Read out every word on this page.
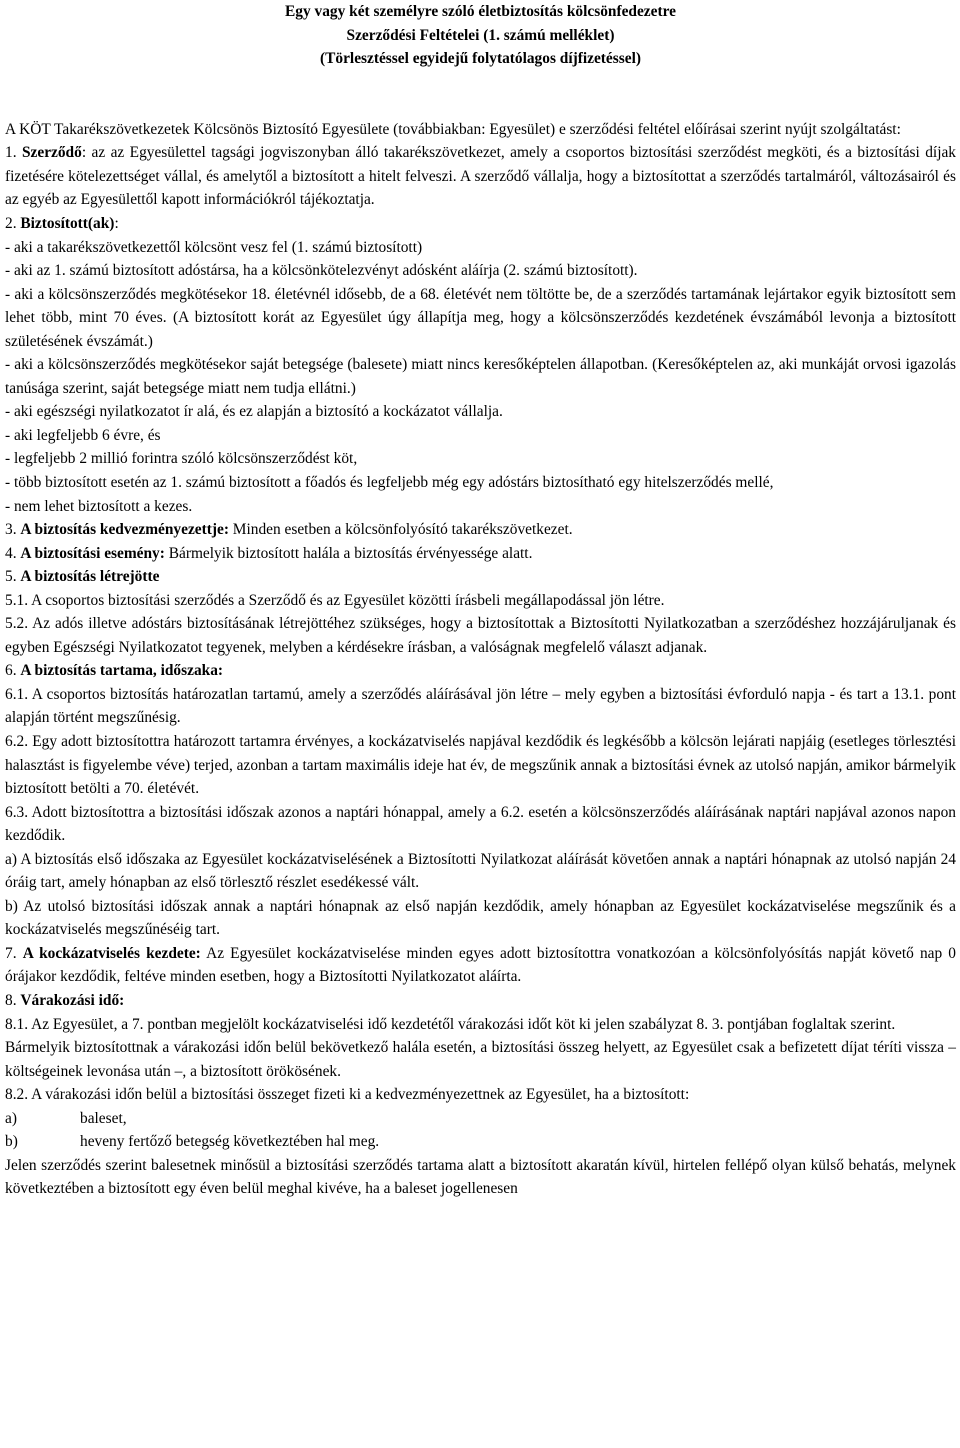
Egy vagy két személyre szóló életbiztosítás kölcsönfedezetre
Szerződési Feltételei (1. számú melléklet)
(Törlesztéssel egyidejű folytatólagos díjfizetéssel)

A KÖT Takarékszövetkezetek Kölcsönös Biztosító Egyesülete (továbbiakban: Egyesület) e szerződési feltétel előírásai szerint nyújt szolgáltatást:

1. Szerződő: az az Egyesülettel tagsági jogviszonyban álló takarékszövetkezet, amely a csoportos biztosítási szerződést megköti, és a biztosítási díjak fizetésére kötelezettséget vállal, és amelytől a biztosított a hitelt felveszi. A szerződő vállalja, hogy a biztosítottat a szerződés tartalmáról, változásairól és az egyéb az Egyesülettől kapott információkról tájékoztatja.

2. Biztosított(ak):

- aki a takarékszövetkezettől kölcsönt vesz fel (1. számú biztosított)

- aki az 1. számú biztosított adóstársa, ha a kölcsönkötelezvényt adósként aláírja (2. számú biztosított).

- aki a kölcsönszerződés megkötésekor 18. életévnél idősebb, de a 68. életévét nem töltötte be, de a szerződés tartamának lejártakor egyik biztosított sem lehet több, mint 70 éves. (A biztosított korát az Egyesület úgy állapítja meg, hogy a kölcsönszerződés kezdetének évszámából levonja a biztosított születésének évszámát.)

- aki a kölcsönszerződés megkötésekor saját betegsége (balesete) miatt nincs keresőképtelen állapotban. (Keresőképtelen az, aki munkáját orvosi igazolás tanúsága szerint, saját betegsége miatt nem tudja ellátni.)

- aki egészségi nyilatkozatot ír alá, és ez alapján a biztosító a kockázatot vállalja.

- aki legfeljebb 6 évre, és

- legfeljebb 2 millió forintra szóló kölcsönszerződést köt,

- több biztosított esetén az 1. számú biztosított a főadós és legfeljebb még egy adóstárs biztosítható egy hitelszerződés mellé,

- nem lehet biztosított a kezes.

3. A biztosítás kedvezményezettje: Minden esetben a kölcsönfolyósító takarékszövetkezet.

4. A biztosítási esemény: Bármelyik biztosított halála a biztosítás érvényessége alatt.

5. A biztosítás létrejötte

5.1. A csoportos biztosítási szerződés a Szerződő és az Egyesület közötti írásbeli megállapodással jön létre.

5.2. Az adós illetve adóstárs biztosításának létrejöttéhez szükséges, hogy a biztosítottak a Biztosítotti Nyilatkozatban a szerződéshez hozzájáruljanak és egyben Egészségi Nyilatkozatot tegyenek, melyben a kérdésekre írásban, a valóságnak megfelelő választ adjanak.

6. A biztosítás tartama, időszaka:

6.1. A csoportos biztosítás határozatlan tartamú, amely a szerződés aláírásával jön létre – mely egyben a biztosítási évforduló napja - és tart a 13.1. pont alapján történt megszűnésig.

6.2. Egy adott biztosítottra határozott tartamra érvényes, a kockázatviselés napjával kezdődik és legkésőbb a kölcsön lejárati napjáig (esetleges törlesztési halasztást is figyelembe véve) terjed, azonban a tartam maximális ideje hat év, de megszűnik annak a biztosítási évnek az utolsó napján, amikor bármelyik biztosított betölti a 70. életévét.

6.3. Adott biztosítottra a biztosítási időszak azonos a naptári hónappal, amely a 6.2. esetén a kölcsönszerződés aláírásának naptári napjával azonos napon kezdődik.

a) A biztosítás első időszaka az Egyesület kockázatviselésének a Biztosítotti Nyilatkozat aláírását követően annak a naptári hónapnak az utolsó napján 24 óráig tart, amely hónapban az első törlesztő részlet esedékessé vált.

b) Az utolsó biztosítási időszak annak a naptári hónapnak az első napján kezdődik, amely hónapban az Egyesület kockázatviselése megszűnik és a kockázatviselés megszűnéséig tart.

7. A kockázatviselés kezdete: Az Egyesület kockázatviselése minden egyes adott biztosítottra vonatkozóan a kölcsönfolyósítás napját követő nap 0 órájakor kezdődik, feltéve minden esetben, hogy a Biztosítotti Nyilatkozatot aláírta.

8. Várakozási idő:

8.1. Az Egyesület, a 7. pontban megjelölt kockázatviselési idő kezdetétől várakozási időt köt ki jelen szabályzat 8. 3. pontjában foglaltak szerint.

Bármelyik biztosítottnak a várakozási időn belül bekövetkező halála esetén, a biztosítási összeg helyett, az Egyesület csak a befizetett díjat téríti vissza – költségeinek levonása után –, a biztosított örökösének.

8.2. A várakozási időn belül a biztosítási összeget fizeti ki a kedvezményezettnek az Egyesület, ha a biztosított:

a)	baleset,
b)	heveny fertőző betegség következtében hal meg.

Jelen szerződés szerint balesetnek minősül a biztosítási szerződés tartama alatt a biztosított akaratán kívül, hirtelen fellépő olyan külső behatás, melynek következtében a biztosított egy éven belül meghal kivéve, ha a baleset jogellenesen
